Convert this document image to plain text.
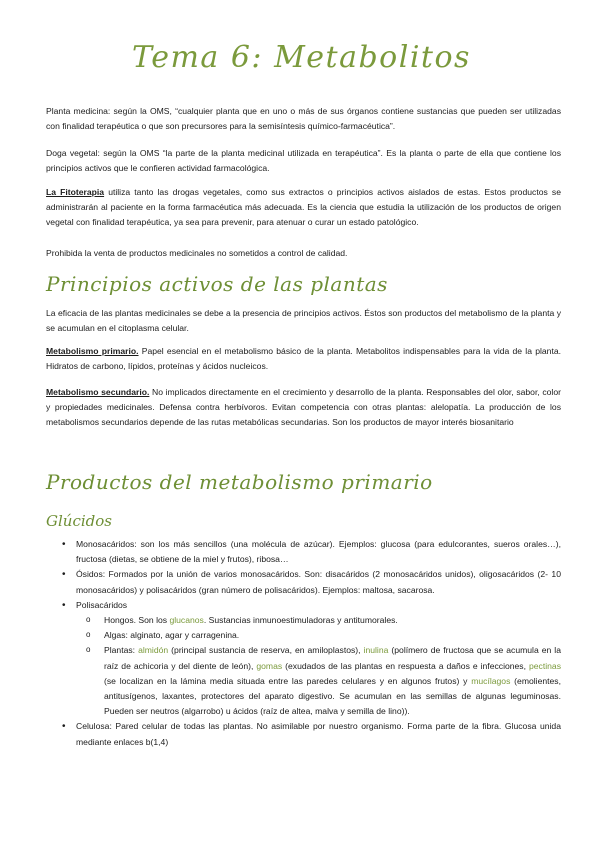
Tema 6: Metabolitos

Planta medicina: según la OMS, “cualquier planta que en uno o más de sus órganos contiene sustancias que pueden ser utilizadas con finalidad terapéutica o que son precursores para la semisíntesis químico-farmacéutica”.

Doga vegetal: según la OMS “la parte de la planta medicinal utilizada en terapéutica”. Es la planta o parte de ella que contiene los principios activos que le confieren actividad farmacológica.

La Fitoterapia utiliza tanto las drogas vegetales, como sus extractos o principios activos aislados de estas. Estos productos se administrarán al paciente en la forma farmacéutica más adecuada. Es la ciencia que estudia la utilización de los productos de origen vegetal con finalidad terapéutica, ya sea para prevenir, para atenuar o curar un estado patológico.

Prohibida la venta de productos medicinales no sometidos a control de calidad.

Principios activos de las plantas

La eficacia de las plantas medicinales se debe a la presencia de principios activos. Éstos son productos del metabolismo de la planta y se acumulan en el citoplasma celular.

Metabolismo primario. Papel esencial en el metabolismo básico de la planta. Metabolitos indispensables para la vida de la planta. Hidratos de carbono, lípidos, proteínas y ácidos nucleicos.

Metabolismo secundario. No implicados directamente en el crecimiento y desarrollo de la planta. Responsables del olor, sabor, color y propiedades medicinales. Defensa contra herbívoros. Evitan competencia con otras plantas: alelopatía. La producción de los metabolismos secundarios depende de las rutas metabólicas secundarias. Son los productos de mayor interés biosanitario

Productos del metabolismo primario
Glúcidos
• Monosacáridos: son los más sencillos (una molécula de azúcar). Ejemplos: glucosa (para edulcorantes, sueros orales…), fructosa (dietas, se obtiene de la miel y frutos), ribosa…
• Ósidos: Formados por la unión de varios monosacáridos. Son: disacáridos (2 monosacáridos unidos), oligosacáridos (2- 10 monosacáridos) y polisacáridos (gran número de polisacáridos). Ejemplos: maltosa, sacarosa.
• Polisacáridos
o Hongos. Son los glucanos. Sustancias inmunoestimuladoras y antitumorales.
o Algas: alginato, agar y carragenina.
o Plantas: almidón (principal sustancia de reserva, en amiloplastos), inulina (polímero de fructosa que se acumula en la raíz de achicoria y del diente de león), gomas (exudados de las plantas en respuesta a daños e infecciones, pectinas (se localizan en la lámina media situada entre las paredes celulares y en algunos frutos) y mucílagos (emolientes, antitusígenos, laxantes, protectores del aparato digestivo. Se acumulan en las semillas de algunas leguminosas. Pueden ser neutros (algarrobo) u ácidos (raíz de altea, malva y semilla de lino)).
• Celulosa: Pared celular de todas las plantas. No asimilable por nuestro organismo. Forma parte de la fibra. Glucosa unida mediante enlaces b(1,4)
